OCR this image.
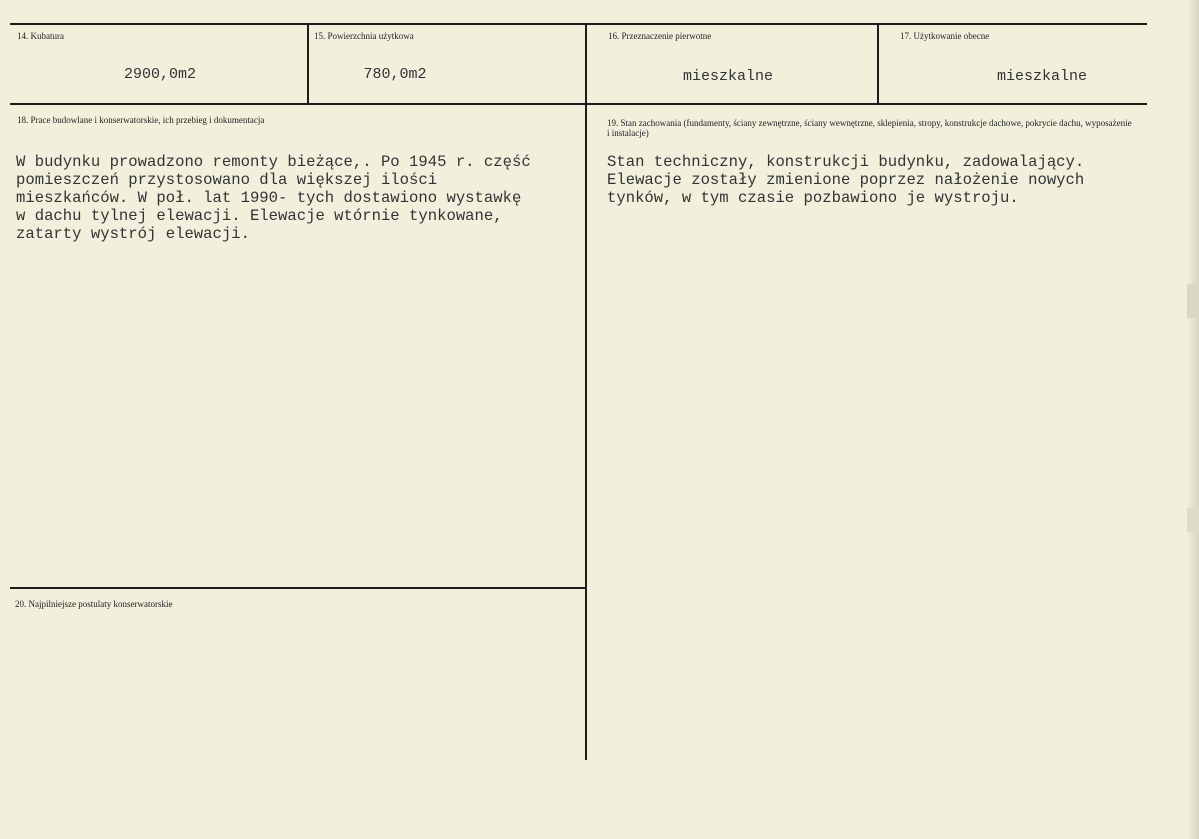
14. Kubatura
2900,0m2
15. Powierzchnia użytkowa
780,0m2
16. Przeznaczenie pierwotne
mieszkalne
17. Użytkowanie obecne
mieszkalne
18. Prace budowlane i konserwatorskie, ich przebieg i dokumentacja
W budynku prowadzono remonty bieżące,. Po 1945 r. część
pomieszczeń przystosowano dla większej ilości
mieszkańców. W poł. lat 1990- tych dostawiono wystawkę
w dachu tylnej elewacji. Elewacje wtórnie tynkowane,
zatarty wystrój elewacji.
19. Stan zachowania (fundamenty, ściany zewnętrzne, ściany wewnętrzne, sklepienia, stropy, konstrukcje dachowe, pokrycie dachu, wyposażenie i instalacje)
Stan techniczny, konstrukcji budynku, zadowalający.
Elewacje zostały zmienione poprzez nałożenie nowych
tynków, w tym czasie pozbawiono je wystroju.
20. Najpilniejsze postulaty konserwatorskie
